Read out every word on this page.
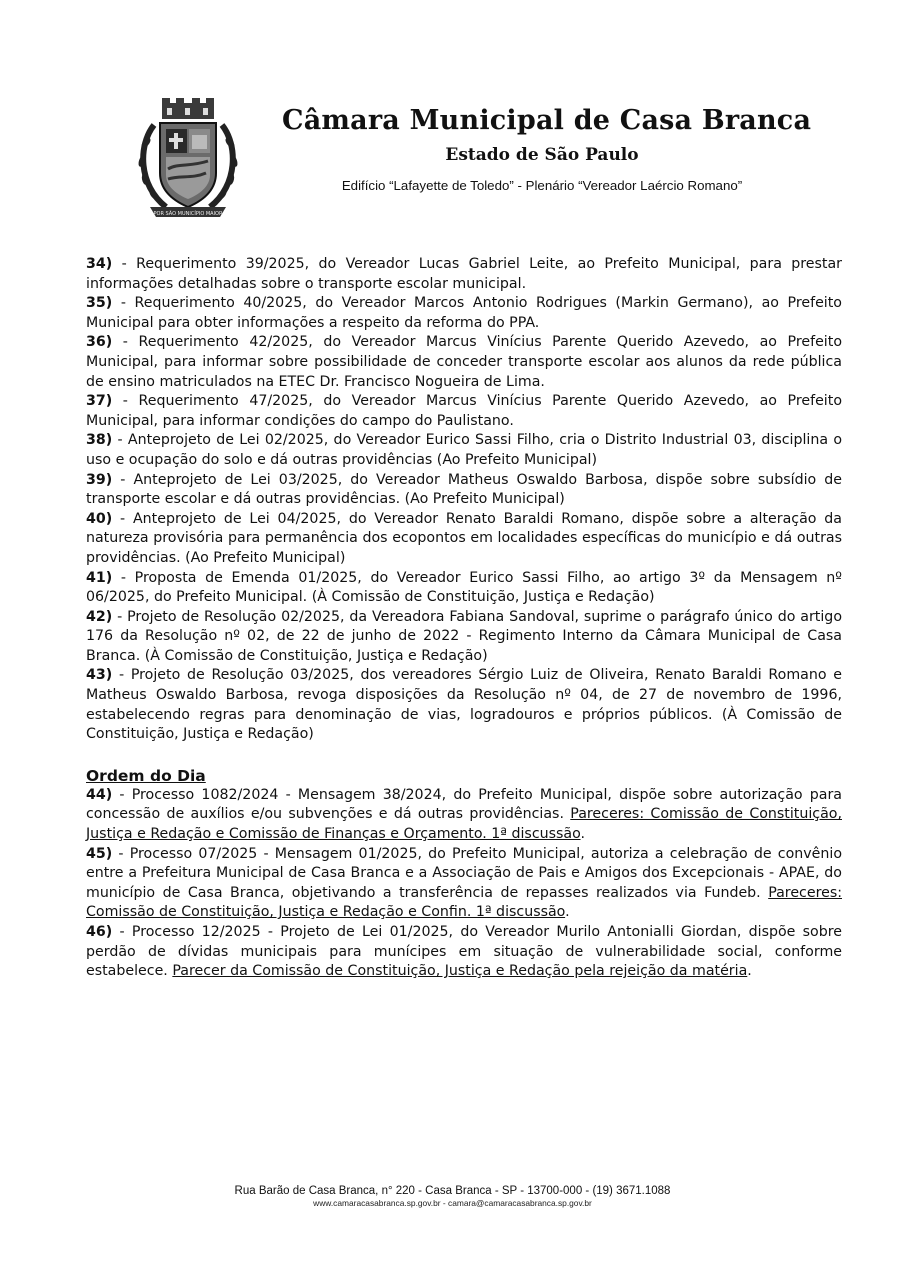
POR SÃO MUNICÍPIO MAIOR
Câmara Municipal de Casa Branca
Estado de São Paulo
Edifício “Lafayette de Toledo” - Plenário “Vereador Laércio Romano”

34) - Requerimento 39/2025, do Vereador Lucas Gabriel Leite, ao Prefeito Municipal, para prestar informações detalhadas sobre o transporte escolar municipal.

35) - Requerimento 40/2025, do Vereador Marcos Antonio Rodrigues (Markin Germano), ao Prefeito Municipal para obter informações a respeito da reforma do PPA.

36) - Requerimento 42/2025, do Vereador Marcus Vinícius Parente Querido Azevedo, ao Prefeito Municipal, para informar sobre possibilidade de conceder transporte escolar aos alunos da rede pública de ensino matriculados na ETEC Dr. Francisco Nogueira de Lima.

37) - Requerimento 47/2025, do Vereador Marcus Vinícius Parente Querido Azevedo, ao Prefeito Municipal, para informar condições do campo do Paulistano.

38) - Anteprojeto de Lei 02/2025, do Vereador Eurico Sassi Filho, cria o Distrito Industrial 03, disciplina o uso e ocupação do solo e dá outras providências (Ao Prefeito Municipal)

39) - Anteprojeto de Lei 03/2025, do Vereador Matheus Oswaldo Barbosa, dispõe sobre subsídio de transporte escolar e dá outras providências. (Ao Prefeito Municipal)

40) - Anteprojeto de Lei 04/2025, do Vereador Renato Baraldi Romano, dispõe sobre a alteração da natureza provisória para permanência dos ecopontos em localidades específicas do município e dá outras providências. (Ao Prefeito Municipal)

41) - Proposta de Emenda 01/2025, do Vereador Eurico Sassi Filho, ao artigo 3º da Mensagem nº 06/2025, do Prefeito Municipal. (À Comissão de Constituição, Justiça e Redação)

42) - Projeto de Resolução 02/2025, da Vereadora Fabiana Sandoval, suprime o parágrafo único do artigo 176 da Resolução nº 02, de 22 de junho de 2022 - Regimento Interno da Câmara Municipal de Casa Branca. (À Comissão de Constituição, Justiça e Redação)

43) - Projeto de Resolução 03/2025, dos vereadores Sérgio Luiz de Oliveira, Renato Baraldi Romano e Matheus Oswaldo Barbosa, revoga disposições da Resolução nº 04, de 27 de novembro de 1996, estabelecendo regras para denominação de vias, logradouros e próprios públicos. (À Comissão de Constituição, Justiça e Redação)

Ordem do Dia

44) - Processo 1082/2024 - Mensagem 38/2024, do Prefeito Municipal, dispõe sobre autorização para concessão de auxílios e/ou subvenções e dá outras providências. Pareceres: Comissão de Constituição, Justiça e Redação e Comissão de Finanças e Orçamento. 1ª discussão.

45) - Processo 07/2025 - Mensagem 01/2025, do Prefeito Municipal, autoriza a celebração de convênio entre a Prefeitura Municipal de Casa Branca e a Associação de Pais e Amigos dos Excepcionais - APAE, do município de Casa Branca, objetivando a transferência de repasses realizados via Fundeb. Pareceres: Comissão de Constituição, Justiça e Redação e Confin. 1ª discussão.

46) - Processo 12/2025 - Projeto de Lei 01/2025, do Vereador Murilo Antonialli Giordan, dispõe sobre perdão de dívidas municipais para munícipes em situação de vulnerabilidade social, conforme estabelece. Parecer da Comissão de Constituição, Justiça e Redação pela rejeição da matéria.

Rua Barão de Casa Branca, n° 220 - Casa Branca - SP - 13700-000 - (19) 3671.1088
www.camaracasabranca.sp.gov.br - camara@camaracasabranca.sp.gov.br
